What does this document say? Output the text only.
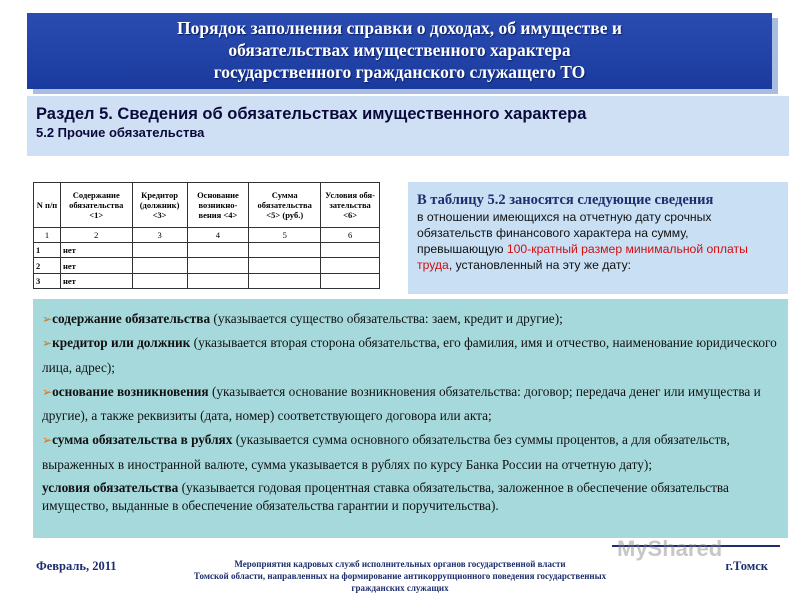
Порядок заполнения справки о доходах, об имуществе и
обязательствах имущественного характера
государственного гражданского служащего ТО
Раздел 5. Сведения об обязательствах имущественного характера
5.2 Прочие обязательства
N п/п	Содержание обязательства <1>	Кредитор (должник) <3>	Основание возникно-вения <4>	Сумма обязательства <5> (руб.)	Условия обя-зательства <6>
1	2	3	4	5	6
1	нет				
2	нет				
3	нет				
В таблицу 5.2 заносятся следующие сведения
в отношении имеющихся на отчетную дату срочных обязательств финансового характера на сумму, превышающую 100-кратный размер минимальной оплаты труда, установленный на эту же дату:

➢содержание обязательства (указывается существо обязательства: заем, кредит и другие);

➢кредитор или должник (указывается вторая сторона обязательства, его фамилия, имя и отчество, наименование юридического лица, адрес);

➢основание возникновения (указывается основание возникновения обязательства: договор; передача денег или имущества и другие), а также реквизиты (дата, номер) соответствующего договора или акта;

➢сумма обязательства в рублях (указывается сумма основного обязательства без суммы процентов, а для обязательств, выраженных в иностранной валюте, сумма указывается в рублях по курсу Банка России на отчетную дату);

условия обязательства (указывается годовая процентная ставка обязательства, заложенное в обеспечение обязательства имущество, выданные в обеспечение обязательства гарантии и поручительства).

MyShared
Февраль, 2011	Мероприятия кадровых служб исполнительных органов государственной власти
Томской области, направленных на формирование антикоррупционного поведения государственных
гражданских служащих
г.Томск
